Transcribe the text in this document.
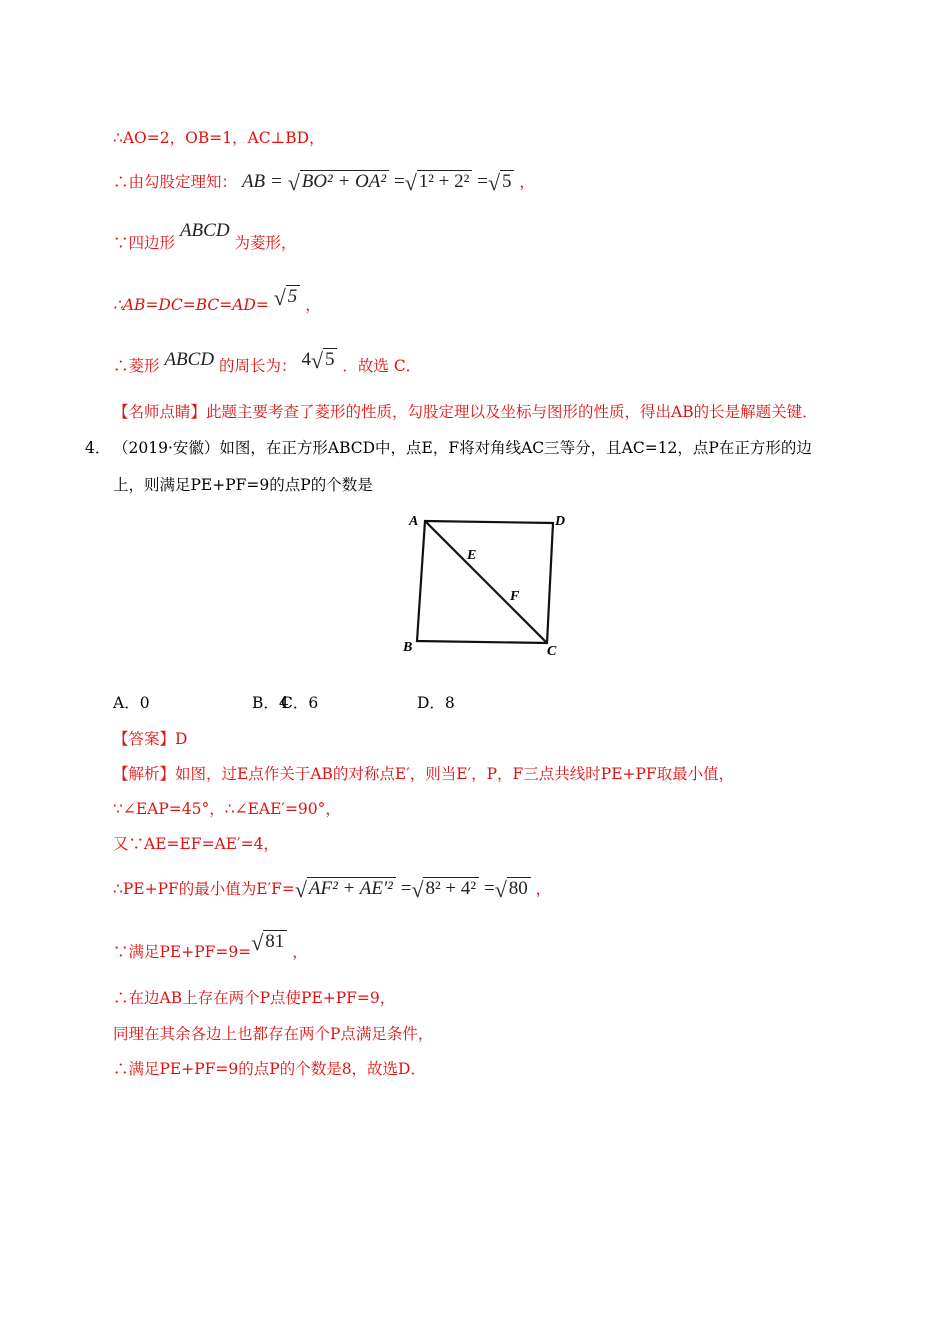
∴AO=2，OB=1，AC⊥BD，
∴由勾股定理知： AB = √ BO² + OA² = √ 1² + 2² = √ 5 ，
∵四边形 ABCD 为菱形，
∴AB=DC=BC=AD= √ 5 ，
∴菱形 ABCD 的周长为： 4 √ 5 ．故选 C．
【名师点睛】此题主要考查了菱形的性质，勾股定理以及坐标与图形的性质，得出AB的长是解题关键．
4． （2019·安徽）如图，在正方形ABCD中，点E，F将对角线AC三等分，且AC=12，点P在正方形的边
上，则满足PE+PF=9的点P的个数是
A	D
B	C
E
F
A．0	B．4
C．6	D．8
【答案】D
【解析】如图，过E点作关于AB的对称点E′，则当E′，P，F三点共线时PE+PF取最小值，
∵∠EAP=45°，∴∠EAE′=90°，
又∵AE=EF=AE′=4，
∴PE+PF的最小值为E′F= √ AF² + AE′² = √ 8² + 4² = √ 80 ，
∵满足PE+PF=9= √ 81 ，
∴在边AB上存在两个P点使PE+PF=9，
同理在其余各边上也都存在两个P点满足条件，
∴满足PE+PF=9的点P的个数是8，故选D．
